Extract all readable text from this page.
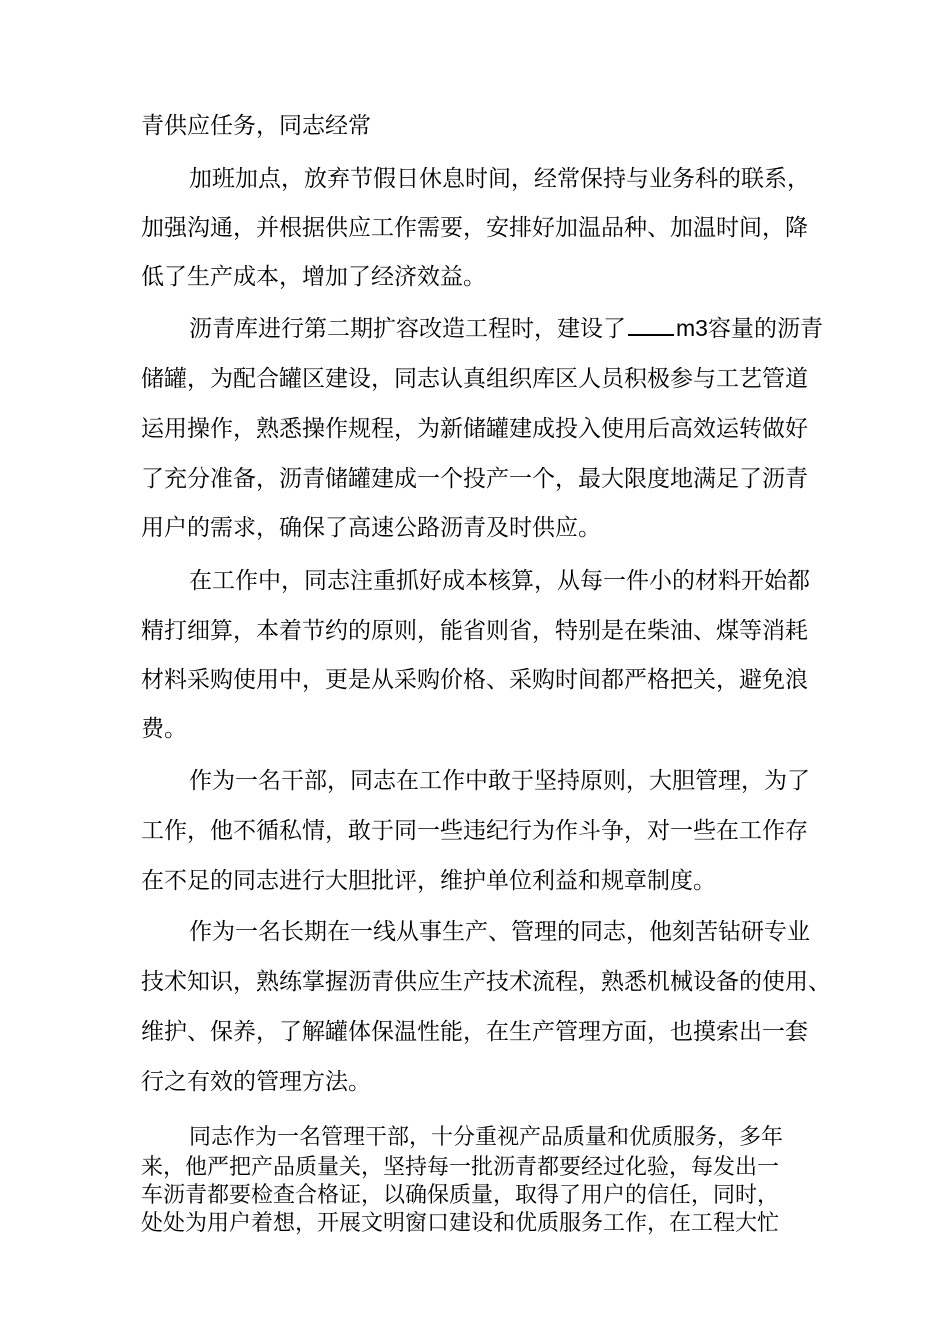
青供应任务，同志经常
加班加点，放弃节假日休息时间，经常保持与业务科的联系，
加强沟通，并根据供应工作需要，安排好加温品种、加温时间，降
低了生产成本，增加了经济效益。
沥青库进行第二期扩容改造工程时，建设了 m3容量的沥青
储罐，为配合罐区建设，同志认真组织库区人员积极参与工艺管道
运用操作，熟悉操作规程，为新储罐建成投入使用后高效运转做好
了充分准备，沥青储罐建成一个投产一个，最大限度地满足了沥青
用户的需求，确保了高速公路沥青及时供应。
在工作中，同志注重抓好成本核算，从每一件小的材料开始都
精打细算，本着节约的原则，能省则省，特别是在柴油、煤等消耗
材料采购使用中，更是从采购价格、采购时间都严格把关，避免浪
费。
作为一名干部，同志在工作中敢于坚持原则，大胆管理，为了
工作，他不循私情，敢于同一些违纪行为作斗争，对一些在工作存
在不足的同志进行大胆批评，维护单位利益和规章制度。
作为一名长期在一线从事生产、管理的同志，他刻苦钻研专业
技术知识，熟练掌握沥青供应生产技术流程，熟悉机械设备的使用、
维护、保养，了解罐体保温性能，在生产管理方面，也摸索出一套
行之有效的管理方法。
同志作为一名管理干部，十分重视产品质量和优质服务，多年
来，他严把产品质量关，坚持每一批沥青都要经过化验，每发出一
车沥青都要检查合格证，以确保质量，取得了用户的信任，同时，
处处为用户着想，开展文明窗口建设和优质服务工作，在工程大忙
